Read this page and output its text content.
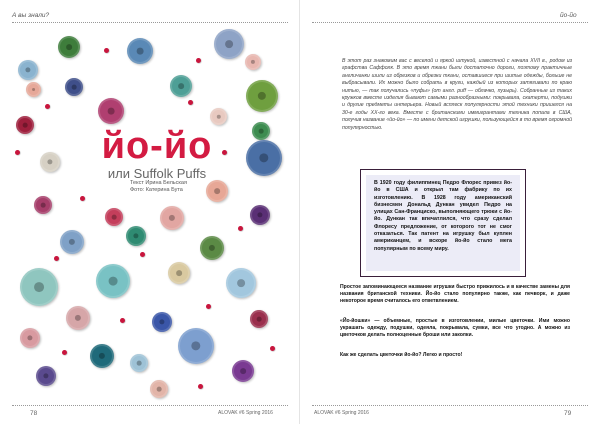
А вы знали?
йо-йо
или Suffolk Puffs
Текст Ирина Бельская
Фото: Катерина Бута
78	ALOVAK #6 Spring 2016
йо-йо
В этот раз знакомим вас с веселой и яркой штукой, известной с начала XVII в., родом из графства Саффолк. В это время ткани были достаточно дороги, поэтому практичные англичанки шили из обрезков и обрезки ткани, оставшиеся при шитье одежды, больше не выбрасывали. Их можно было собрать в круги, каждый из которых затягивали по краю нитью, — так получались «пуфы» (от англ. puff — облачко, пузырь). Собранные из таких кружков вместе изделия бывают самыми разнообразными: покрывала, скатерти, подушки и другие предметы интерьера. Новый всплеск популярности этой техники пришелся на 30-е годы XX-го века. Вместе с британскими иммигрантами техника попала в США, получив название «йо-йо» — по имени детской игрушки, пользующейся в то время огромной популярностью.
В 1920 году филиппинец Педро Флорес привез йо-йо в США и открыл там фабрику по их изготовлению. В 1928 году американский бизнесмен Дональд Дункан увидел Педро на улицах Сан-Франциско, выполняющего трюки с йо-йо. Дункан так впечатлился, что сразу сделал Флоресу предложение, от которого тот не смог отказаться. Так патент на игрушку был куплен американцем, и вскоре йо-йо стало мега популярным по всему миру.
Простое запоминающееся название игрушки быстро прижилось и в качестве замены для названия британской техники. Йо-йо стало популярно также, как печворк, и даже некоторое время считалось его ответвлением.
«Йо-йошки» — объемные, простые в изготовлении, милые цветочки. Ими можно украшать одежду, подушки, одеяла, покрывала, сумки, все что угодно. А можно из цветочков делать полноценные броши или заколки.
Как же сделать цветочки йо-йо? Легко и просто!
ALOVAK #6 Spring 2016	79
